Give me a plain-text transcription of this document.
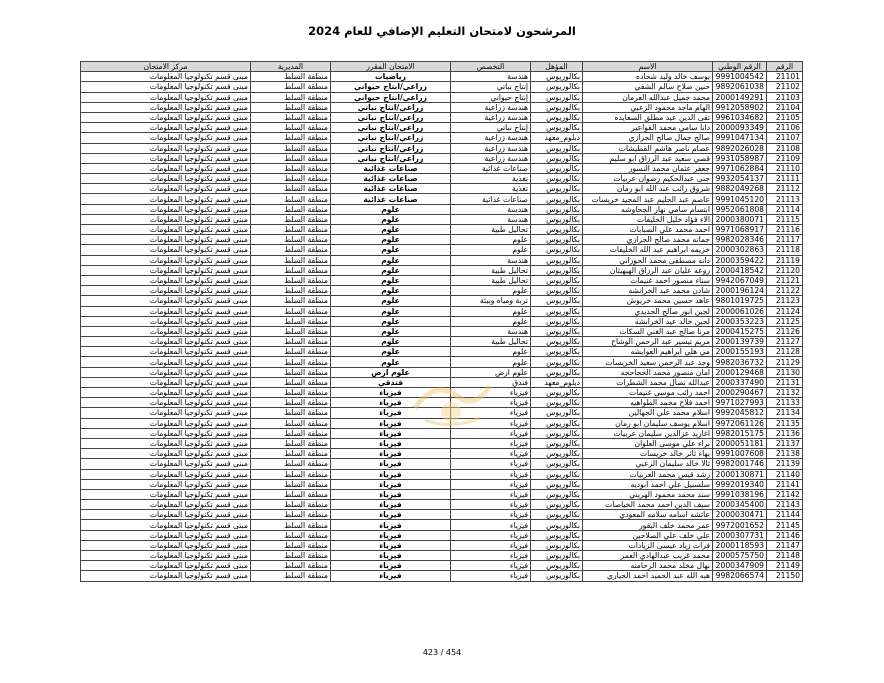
المرشحون لامتحان التعليم الإضافي للعام 2024
الرقم	الرقم الوطني	الاسم	المؤهل	التخصص	الامتحان المقرر	المديرية	مركز الامتحان
21101	9991004542	يوسف خالد وليد شحاده	بكالوريوس	هندسة	رياضيات	منطقة السلط	مبنى قسم تكنولوجيا المعلومات
21102	9892061038	حنين صلاح سالم الشقي	بكالوريوس	إنتاج نباتي	زراعي/انتاج حيواني	منطقة السلط	مبنى قسم تكنولوجيا المعلومات
21103	2000149291	محمد جميل عبدالله العرمان	بكالوريوس	إنتاج حيواني	زراعي/انتاج حيواني	منطقة السلط	مبنى قسم تكنولوجيا المعلومات
21104	9912058902	الهام ماجد محمود الزعبي	بكالوريوس	هندسة زراعية	زراعي/انتاج نباتي	منطقة السلط	مبنى قسم تكنولوجيا المعلومات
21105	9961034682	تقى الدين عيد مطلق السعايده	بكالوريوس	هندسة زراعية	زراعي/انتاج نباتي	منطقة السلط	مبنى قسم تكنولوجيا المعلومات
21106	2000093349	دانا سامي محمد القواعير	بكالوريوس	إنتاج نباتي	زراعي/انتاج نباتي	منطقة السلط	مبنى قسم تكنولوجيا المعلومات
21107	9991047134	صالح جمال صالح الجزازي	دبلوم_معهد	هندسة زراعية	زراعي/انتاج نباتي	منطقة السلط	مبنى قسم تكنولوجيا المعلومات
21108	9892026028	عصام ناصر هاشم القطيشات	بكالوريوس	هندسة زراعية	زراعي/انتاج نباتي	منطقة السلط	مبنى قسم تكنولوجيا المعلومات
21109	9931058987	قصي سعيد عبد الرزاق ابو سليم	بكالوريوس	هندسة زراعية	زراعي/انتاج نباتي	منطقة السلط	مبنى قسم تكنولوجيا المعلومات
21110	9971062884	جعفر عثمان محمد النسور	بكالوريوس	صناعات غذائية	صناعات غذائية	منطقة السلط	مبنى قسم تكنولوجيا المعلومات
21111	9932054137	جنى عبدالحكيم رضوان عربيات	بكالوريوس	تغذية	صناعات غذائية	منطقة السلط	مبنى قسم تكنولوجيا المعلومات
21112	9882049268	شروق رائب عبد الله ابو رمان	بكالوريوس	تغذية	صناعات غذائية	منطقة السلط	مبنى قسم تكنولوجيا المعلومات
21113	9991045120	عاصم عبد الحليم عبد المجيد خريسات	بكالوريوس	صناعات غذائية	صناعات غذائية	منطقة السلط	مبنى قسم تكنولوجيا المعلومات
21114	9952061808	ابتسام سامي نهار الجحاوشه	بكالوريوس	هندسة	علوم	منطقة السلط	مبنى قسم تكنولوجيا المعلومات
21115	2000380071	الاء فؤاد خليل الخليفات	بكالوريوس	هندسة	علوم	منطقة السلط	مبنى قسم تكنولوجيا المعلومات
21116	9971068917	احمد محمد علي الصبابات	بكالوريوس	تحاليل طبية	علوم	منطقة السلط	مبنى قسم تكنولوجيا المعلومات
21117	9982028346	جمانه محمد صالح الجزازي	بكالوريوس	علوم	علوم	منطقة السلط	مبنى قسم تكنولوجيا المعلومات
21118	2000302863	خزيمه ابراهيم عبد الله الخليفات	بكالوريوس	علوم	علوم	منطقة السلط	مبنى قسم تكنولوجيا المعلومات
21119	2000359422	دانه مصطفى محمد الحوراني	بكالوريوس	هندسة	علوم	منطقة السلط	مبنى قسم تكنولوجيا المعلومات
21120	2000418542	روعه عليان عبد الرزاق الهيهيثان	بكالوريوس	تحاليل طبية	علوم	منطقة السلط	مبنى قسم تكنولوجيا المعلومات
21121	9942067049	سناء منصور احمد غنيمات	بكالوريوس	تحاليل طبية	علوم	منطقة السلط	مبنى قسم تكنولوجيا المعلومات
21122	2000196124	شادن محمد عبد الخرانشه	بكالوريوس	علوم	علوم	منطقة السلط	مبنى قسم تكنولوجيا المعلومات
21123	9801019725	عاهد حسين محمد خريوش	بكالوريوس	تربة ومياه وبيئة	علوم	منطقة السلط	مبنى قسم تكنولوجيا المعلومات
21124	2000061026	لجين انور صالح الحديدي	بكالوريوس	علوم	علوم	منطقة السلط	مبنى قسم تكنولوجيا المعلومات
21125	2000353223	لجين خالد عيد الخرابشه	بكالوريوس	علوم	علوم	منطقة السلط	مبنى قسم تكنولوجيا المعلومات
21126	2000415275	مرنا صالح عبد الغني السكات	بكالوريوس	هندسة	علوم	منطقة السلط	مبنى قسم تكنولوجيا المعلومات
21127	2000139739	مريم تيسير عبد الرحمن الوشاح	بكالوريوس	تحاليل طبية	علوم	منطقة السلط	مبنى قسم تكنولوجيا المعلومات
21128	2000155193	مي هلي ابراهيم العوايشه	بكالوريوس	علوم	علوم	منطقة السلط	مبنى قسم تكنولوجيا المعلومات
21129	9982036732	وجد عبد الرحمن سعيد الخريسات	بكالوريوس	علوم	علوم	منطقة السلط	مبنى قسم تكنولوجيا المعلومات
21130	2000129468	امان منصور محمد الحجاحجه	بكالوريوس	علوم ارض	علوم ارض	منطقة السلط	مبنى قسم تكنولوجيا المعلومات
21131	2000337490	عبدالله نضال محمد الشطرات	دبلوم_معهد	فندق	فندقي	منطقة السلط	مبنى قسم تكنولوجيا المعلومات
21132	2000290467	احمد رائب موسى غنيمات	بكالوريوس	فيزياء	فيزياء	منطقة السلط	مبنى قسم تكنولوجيا المعلومات
21133	9971027993	احمد فلاح محمد الطواهيه	بكالوريوس	فيزياء	فيزياء	منطقة السلط	مبنى قسم تكنولوجيا المعلومات
21134	9992045812	اسلام محمد علي الجهالين	بكالوريوس	فيزياء	فيزياء	منطقة السلط	مبنى قسم تكنولوجيا المعلومات
21135	9972061126	اسلام يوسف سليمان ابو رمان	بكالوريوس	فيزياء	فيزياء	منطقة السلط	مبنى قسم تكنولوجيا المعلومات
21136	9982015175	اغاريد عزالدين سليمان عربيات	بكالوريوس	فيزياء	فيزياء	منطقة السلط	مبنى قسم تكنولوجيا المعلومات
21137	2000051181	براء علي موسى العلوان	بكالوريوس	فيزياء	فيزياء	منطقة السلط	مبنى قسم تكنولوجيا المعلومات
21138	9991007608	بهاء ثائر خالد خريسات	بكالوريوس	فيزياء	فيزياء	منطقة السلط	مبنى قسم تكنولوجيا المعلومات
21139	9982001746	ثالا خالد سليمان الزعبي	بكالوريوس	فيزياء	فيزياء	منطقة السلط	مبنى قسم تكنولوجيا المعلومات
21140	2000130871	رشد قيس محمد العربيات	بكالوريوس	فيزياء	فيزياء	منطقة السلط	مبنى قسم تكنولوجيا المعلومات
21141	9992019340	سلسبيل علي احمد ابوديه	بكالوريوس	فيزياء	فيزياء	منطقة السلط	مبنى قسم تكنولوجيا المعلومات
21142	9991038196	سند محمد محمود الهريني	بكالوريوس	فيزياء	فيزياء	منطقة السلط	مبنى قسم تكنولوجيا المعلومات
21143	2000345400	سيف الدين احمد محمد الخياصات	بكالوريوس	فيزياء	فيزياء	منطقة السلط	مبنى قسم تكنولوجيا المعلومات
21144	2000030471	عائشه اسامه سلامه المعودي	بكالوريوس	فيزياء	فيزياء	منطقة السلط	مبنى قسم تكنولوجيا المعلومات
21145	9972001652	عمر محمد خلف البقور	بكالوريوس	فيزياء	فيزياء	منطقة السلط	مبنى قسم تكنولوجيا المعلومات
21146	2000307731	علي خلف علي الصلاحين	بكالوريوس	فيزياء	فيزياء	منطقة السلط	مبنى قسم تكنولوجيا المعلومات
21147	2000118593	فرات زياد عيسى الزيادات	بكالوريوس	فيزياء	فيزياء	منطقة السلط	مبنى قسم تكنولوجيا المعلومات
21148	2000575750	محمد غريب عبدالهادي العمر	بكالوريوس	فيزياء	فيزياء	منطقة السلط	مبنى قسم تكنولوجيا المعلومات
21149	2000347909	نهال مخلد محمد الرحامنه	بكالوريوس	فيزياء	فيزياء	منطقة السلط	مبنى قسم تكنولوجيا المعلومات
21150	9982066574	هبه الله عبد الحميد احمد الحياري	بكالوريوس	فيزياء	فيزياء	منطقة السلط	مبنى قسم تكنولوجيا المعلومات
423 / 454
